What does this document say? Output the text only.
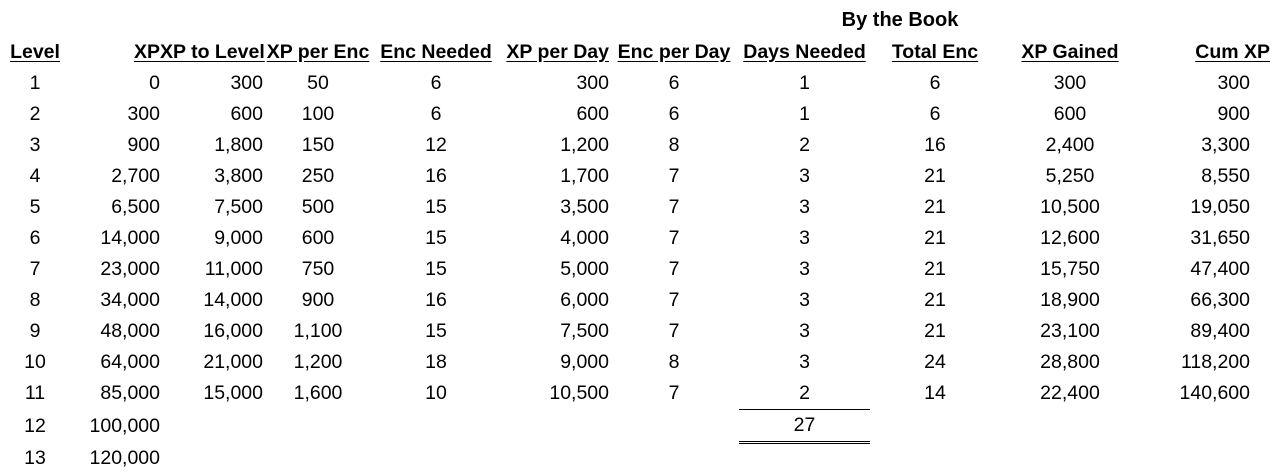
By the Book
Level	XP	XP to Level	XP per Enc	Enc Needed	XP per Day	Enc per Day	Days Needed	Total Enc	XP Gained	Cum XP
1	0	300	50	6	300	6	1	6	300	300
2	300	600	100	6	600	6	1	6	600	900
3	900	1,800	150	12	1,200	8	2	16	2,400	3,300
4	2,700	3,800	250	16	1,700	7	3	21	5,250	8,550
5	6,500	7,500	500	15	3,500	7	3	21	10,500	19,050
6	14,000	9,000	600	15	4,000	7	3	21	12,600	31,650
7	23,000	11,000	750	15	5,000	7	3	21	15,750	47,400
8	34,000	14,000	900	16	6,000	7	3	21	18,900	66,300
9	48,000	16,000	1,100	15	7,500	7	3	21	23,100	89,400
10	64,000	21,000	1,200	18	9,000	8	3	24	28,800	118,200
11	85,000	15,000	1,600	10	10,500	7	2	14	22,400	140,600
12	100,000						27			
13	120,000									
